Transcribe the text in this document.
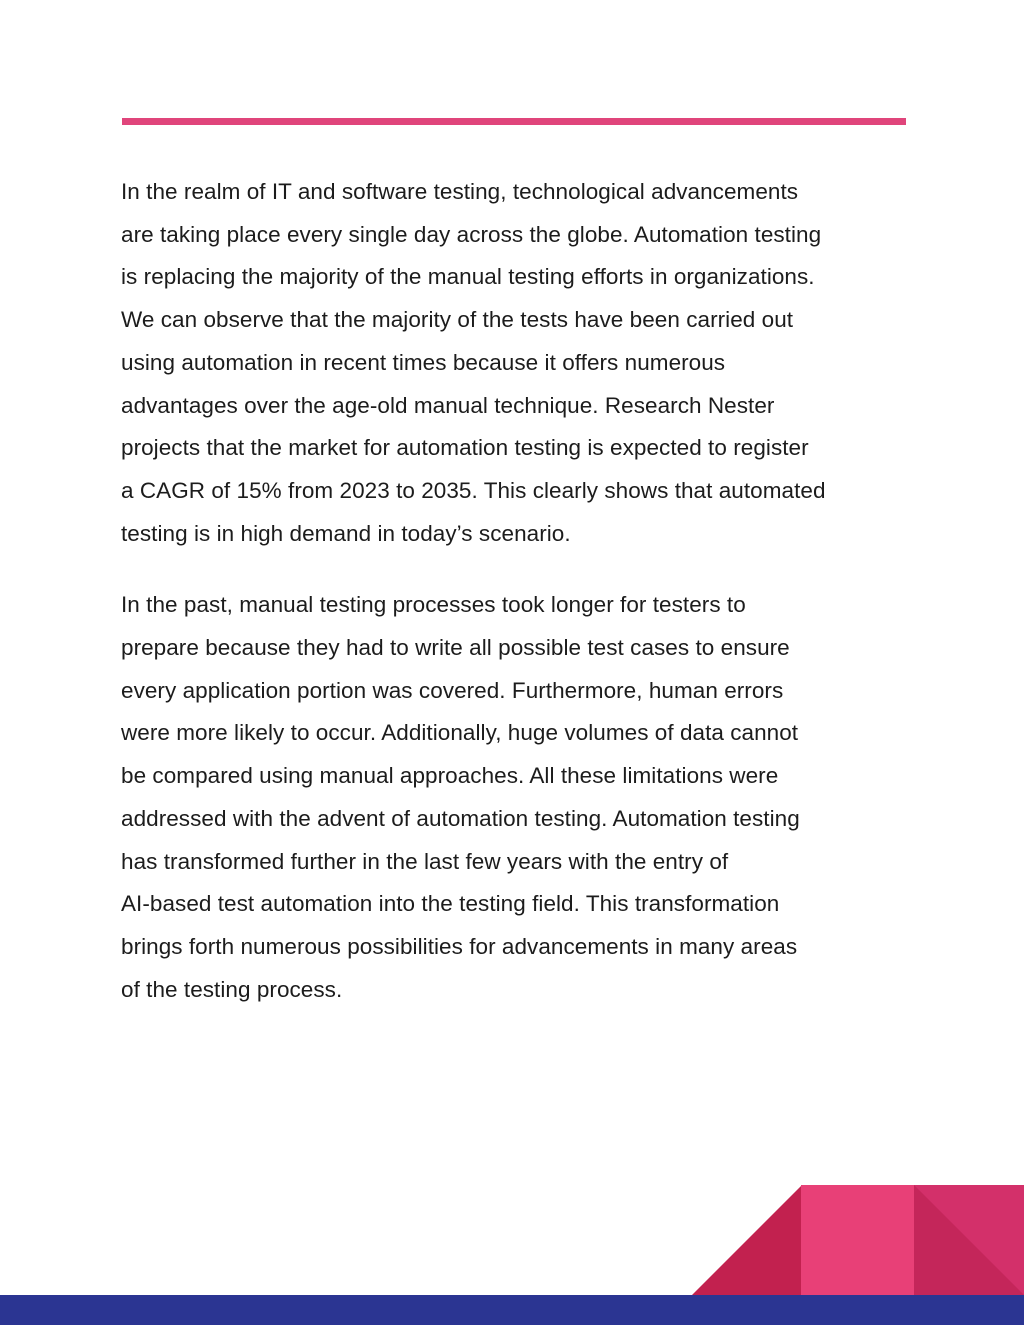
In the realm of IT and software testing, technological advancements
are taking place every single day across the globe. Automation testing
is replacing the majority of the manual testing efforts in organizations.
We can observe that the majority of the tests have been carried out
using automation in recent times because it offers numerous
advantages over the age-old manual technique. Research Nester
projects that the market for automation testing is expected to register
a CAGR of 15% from 2023 to 2035. This clearly shows that automated
testing is in high demand in today’s scenario.

In the past, manual testing processes took longer for testers to
prepare because they had to write all possible test cases to ensure
every application portion was covered. Furthermore, human errors
were more likely to occur. Additionally, huge volumes of data cannot
be compared using manual approaches. All these limitations were
addressed with the advent of automation testing. Automation testing
has transformed further in the last few years with the entry of
AI-based test automation into the testing field. This transformation
brings forth numerous possibilities for advancements in many areas
of the testing process.
